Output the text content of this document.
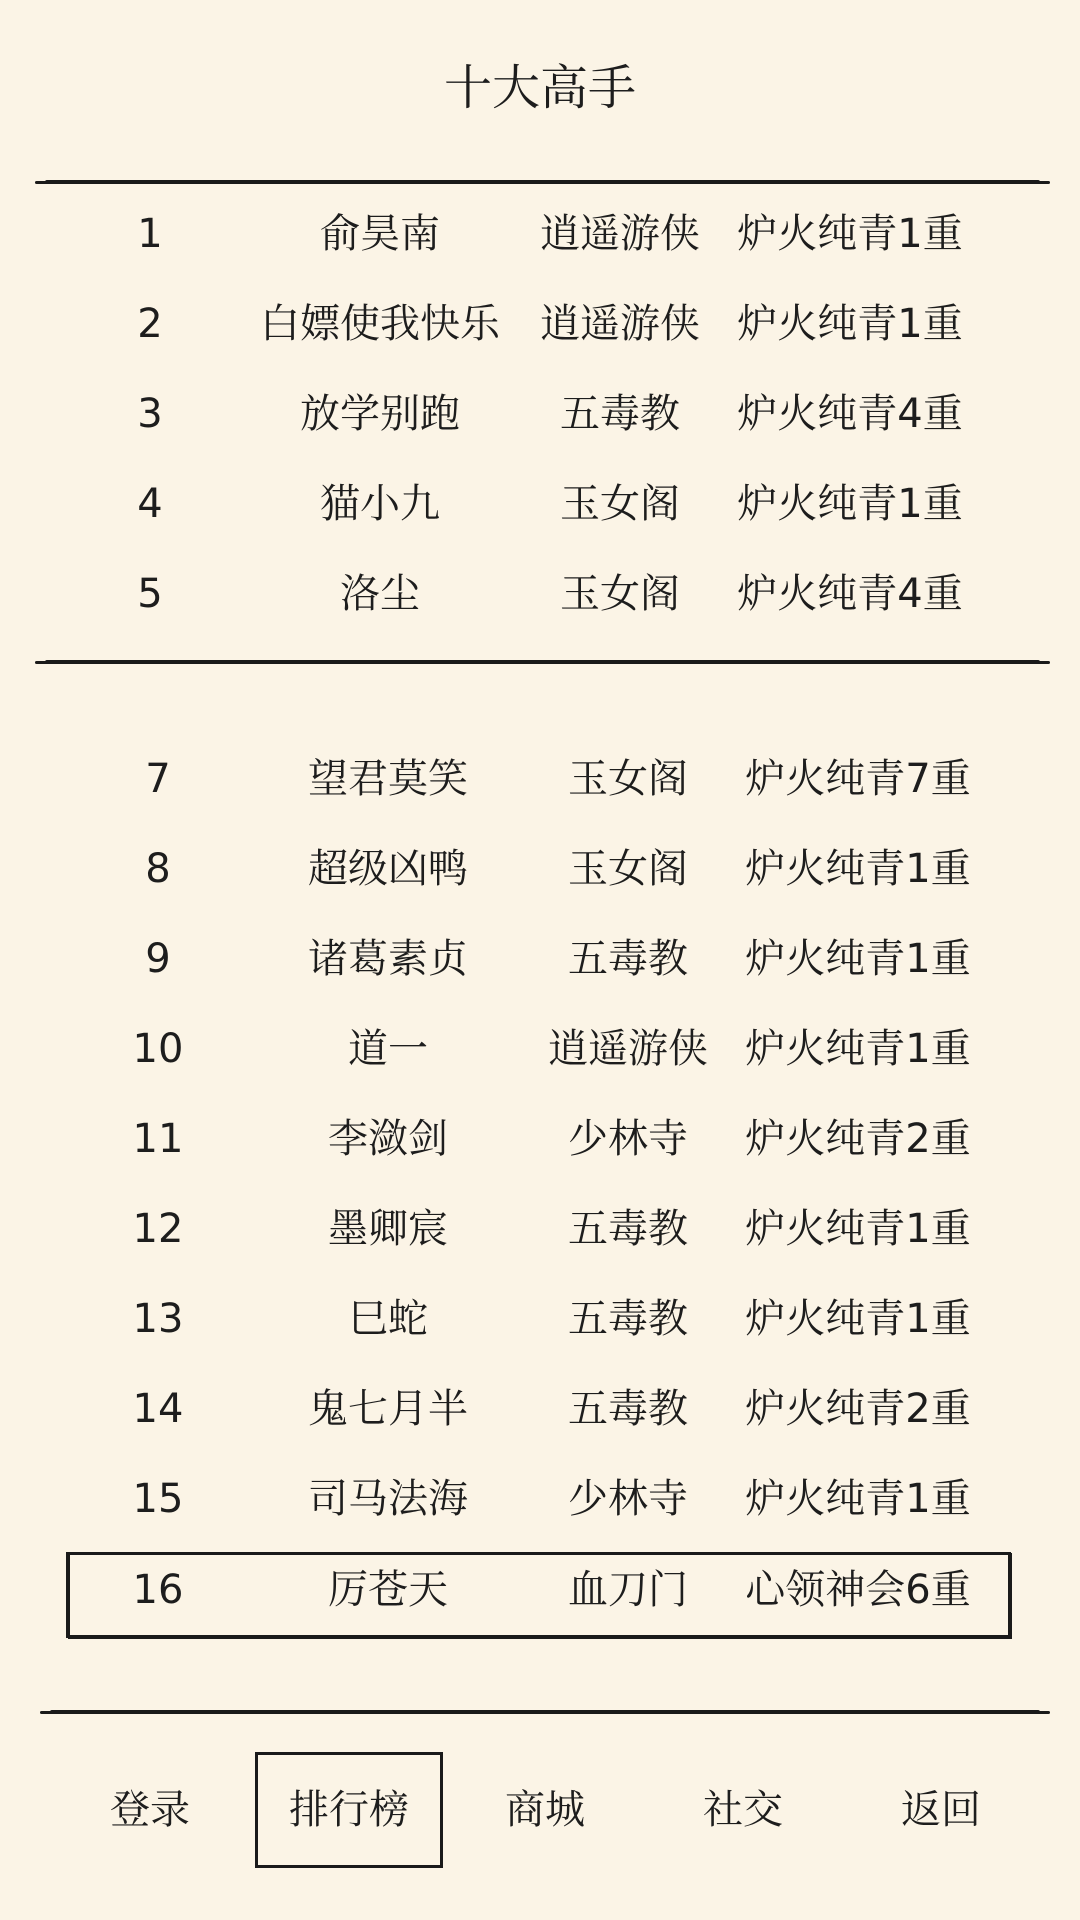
十大高手
1	俞昊南	逍遥游侠 炉火纯青1重
2	白嫖使我快乐	逍遥游侠 炉火纯青1重
3	放学别跑	五毒教	炉火纯青4重
4	猫小九	玉女阁	炉火纯青1重
5	洛尘	玉女阁	炉火纯青4重
7	望君莫笑	玉女阁	炉火纯青7重
8	超级凶鸭	玉女阁	炉火纯青1重
9	诸葛素贞	五毒教	炉火纯青1重
10	道一	逍遥游侠 炉火纯青1重
11	李潋剑	少林寺	炉火纯青2重
12	墨卿宸	五毒教	炉火纯青1重
13	巳蛇	五毒教	炉火纯青1重
14	鬼七月半	五毒教	炉火纯青2重
15	司马法海	少林寺	炉火纯青1重
16	厉苍天	血刀门	心领神会6重
登录	排行榜	商城	社交	返回
